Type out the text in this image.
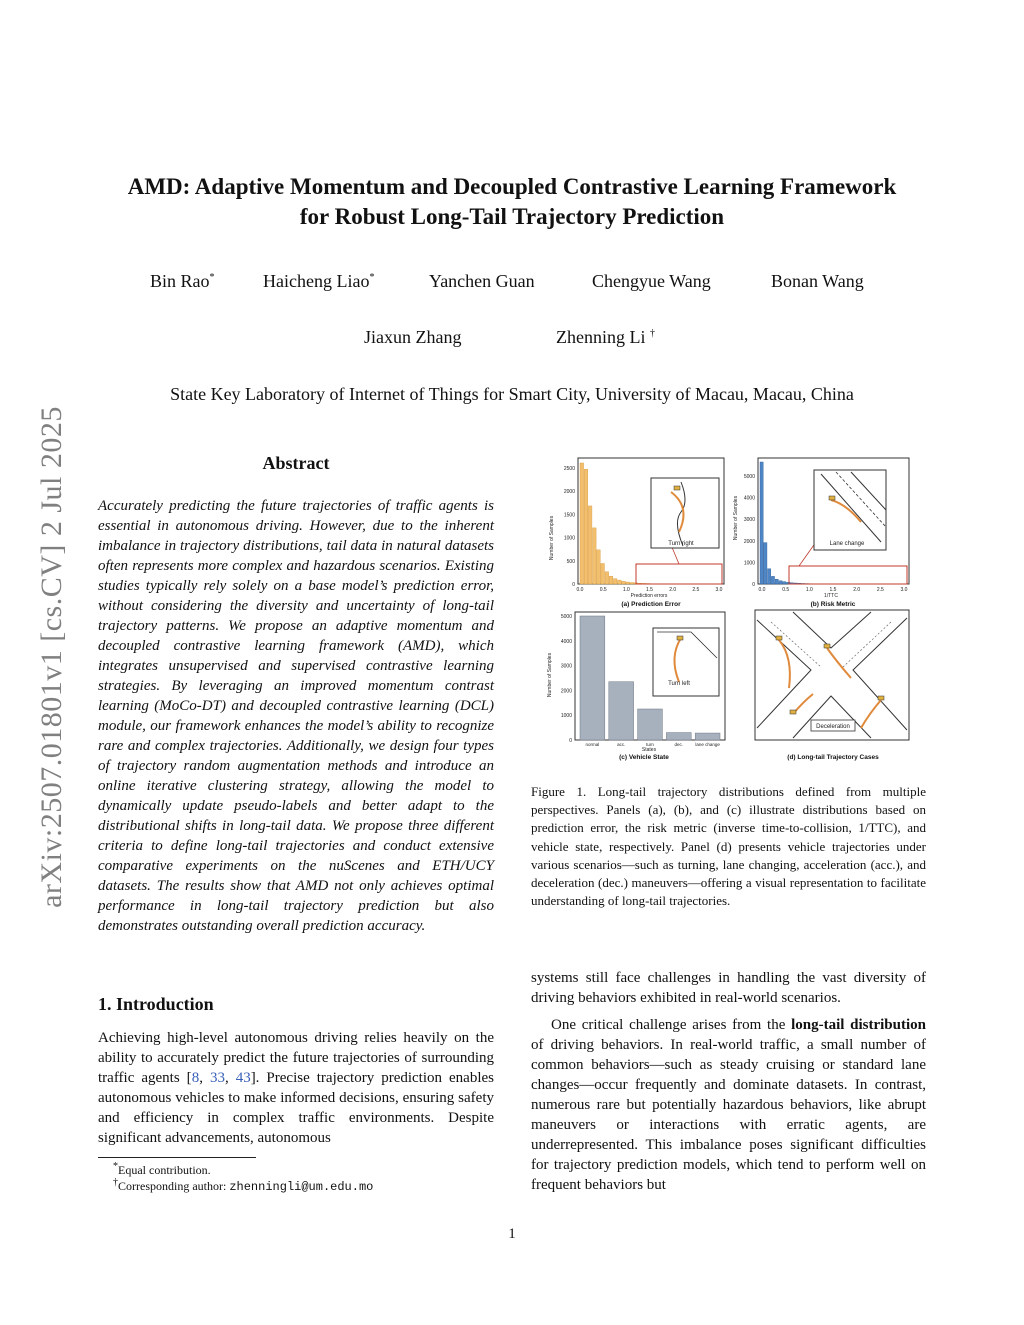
arXiv:2507.01801v1 [cs.CV] 2 Jul 2025
AMD: Adaptive Momentum and Decoupled Contrastive Learning Framework
for Robust Long-Tail Trajectory Prediction
Bin Rao*	Haicheng Liao*	Yanchen Guan	Chengyue Wang	Bonan Wang
Jiaxun Zhang	Zhenning Li †
State Key Laboratory of Internet of Things for Smart City, University of Macau, Macau, China
Abstract
Accurately predicting the future trajectories of traffic agents is essential in autonomous driving. However, due to the inherent imbalance in trajectory distributions, tail data in natural datasets often represents more complex and hazardous scenarios. Existing studies typically rely solely on a base model’s prediction error, without considering the diversity and uncertainty of long-tail trajectory patterns. We propose an adaptive momentum and decoupled contrastive learning framework (AMD), which integrates unsupervised and supervised contrastive learning strategies. By leveraging an improved momentum contrast learning (MoCo-DT) and decoupled contrastive learning (DCL) module, our framework enhances the model’s ability to recognize rare and complex trajectories. Additionally, we design four types of trajectory random augmentation methods and introduce an online iterative clustering strategy, allowing the model to dynamically update pseudo-labels and better adapt to the distributional shifts in long-tail data. We propose three different criteria to define long-tail trajectories and conduct extensive comparative experiments on the nuScenes and ETH/UCY datasets. The results show that AMD not only achieves optimal performance in long-tail trajectory prediction but also demonstrates outstanding overall prediction accuracy.
1. Introduction
Achieving high-level autonomous driving relies heavily on the ability to accurately predict the future trajectories of surrounding traffic agents [8, 33, 43]. Precise trajectory prediction enables autonomous vehicles to make informed decisions, ensuring safety and efficiency in complex traffic environments. Despite significant advancements, autonomous
*Equal contribution.
†Corresponding author: zhenningli@um.edu.mo
0
500
1000
1500
2000
2500
0.0	0.5	1.0	1.5	2.0	2.5	3.0
Turn right
Number of Samples
Prediction errors
(a) Prediction Error
0
1000
2000
3000
4000
5000
0.0	0.5	1.0	1.5	2.0	2.5	3.0
Lane change
Number of Samples
1/TTC
(b) Risk Metric
0
1000
2000
3000
4000
5000
normal	acc.	turn	dec.	lane change
Turn left
Number of Samples
States
(c) Vehicle State
Deceleration
(d) Long-tail Trajectory Cases
Figure 1. Long-tail trajectory distributions defined from multiple perspectives. Panels (a), (b), and (c) illustrate distributions based on prediction error, the risk metric (inverse time-to-collision, 1/TTC), and vehicle state, respectively. Panel (d) presents vehicle trajectories under various scenarios—such as turning, lane changing, acceleration (acc.), and deceleration (dec.) maneuvers—offering a visual representation to facilitate understanding of long-tail trajectories.

systems still face challenges in handling the vast diversity of driving behaviors exhibited in real-world scenarios.

One critical challenge arises from the long-tail distribution of driving behaviors. In real-world traffic, a small number of common behaviors—such as steady cruising or standard lane changes—occur frequently and dominate datasets. In contrast, numerous rare but potentially hazardous behaviors, like abrupt maneuvers or interactions with erratic agents, are underrepresented. This imbalance poses significant difficulties for trajectory prediction models, which tend to perform well on frequent behaviors but

1
